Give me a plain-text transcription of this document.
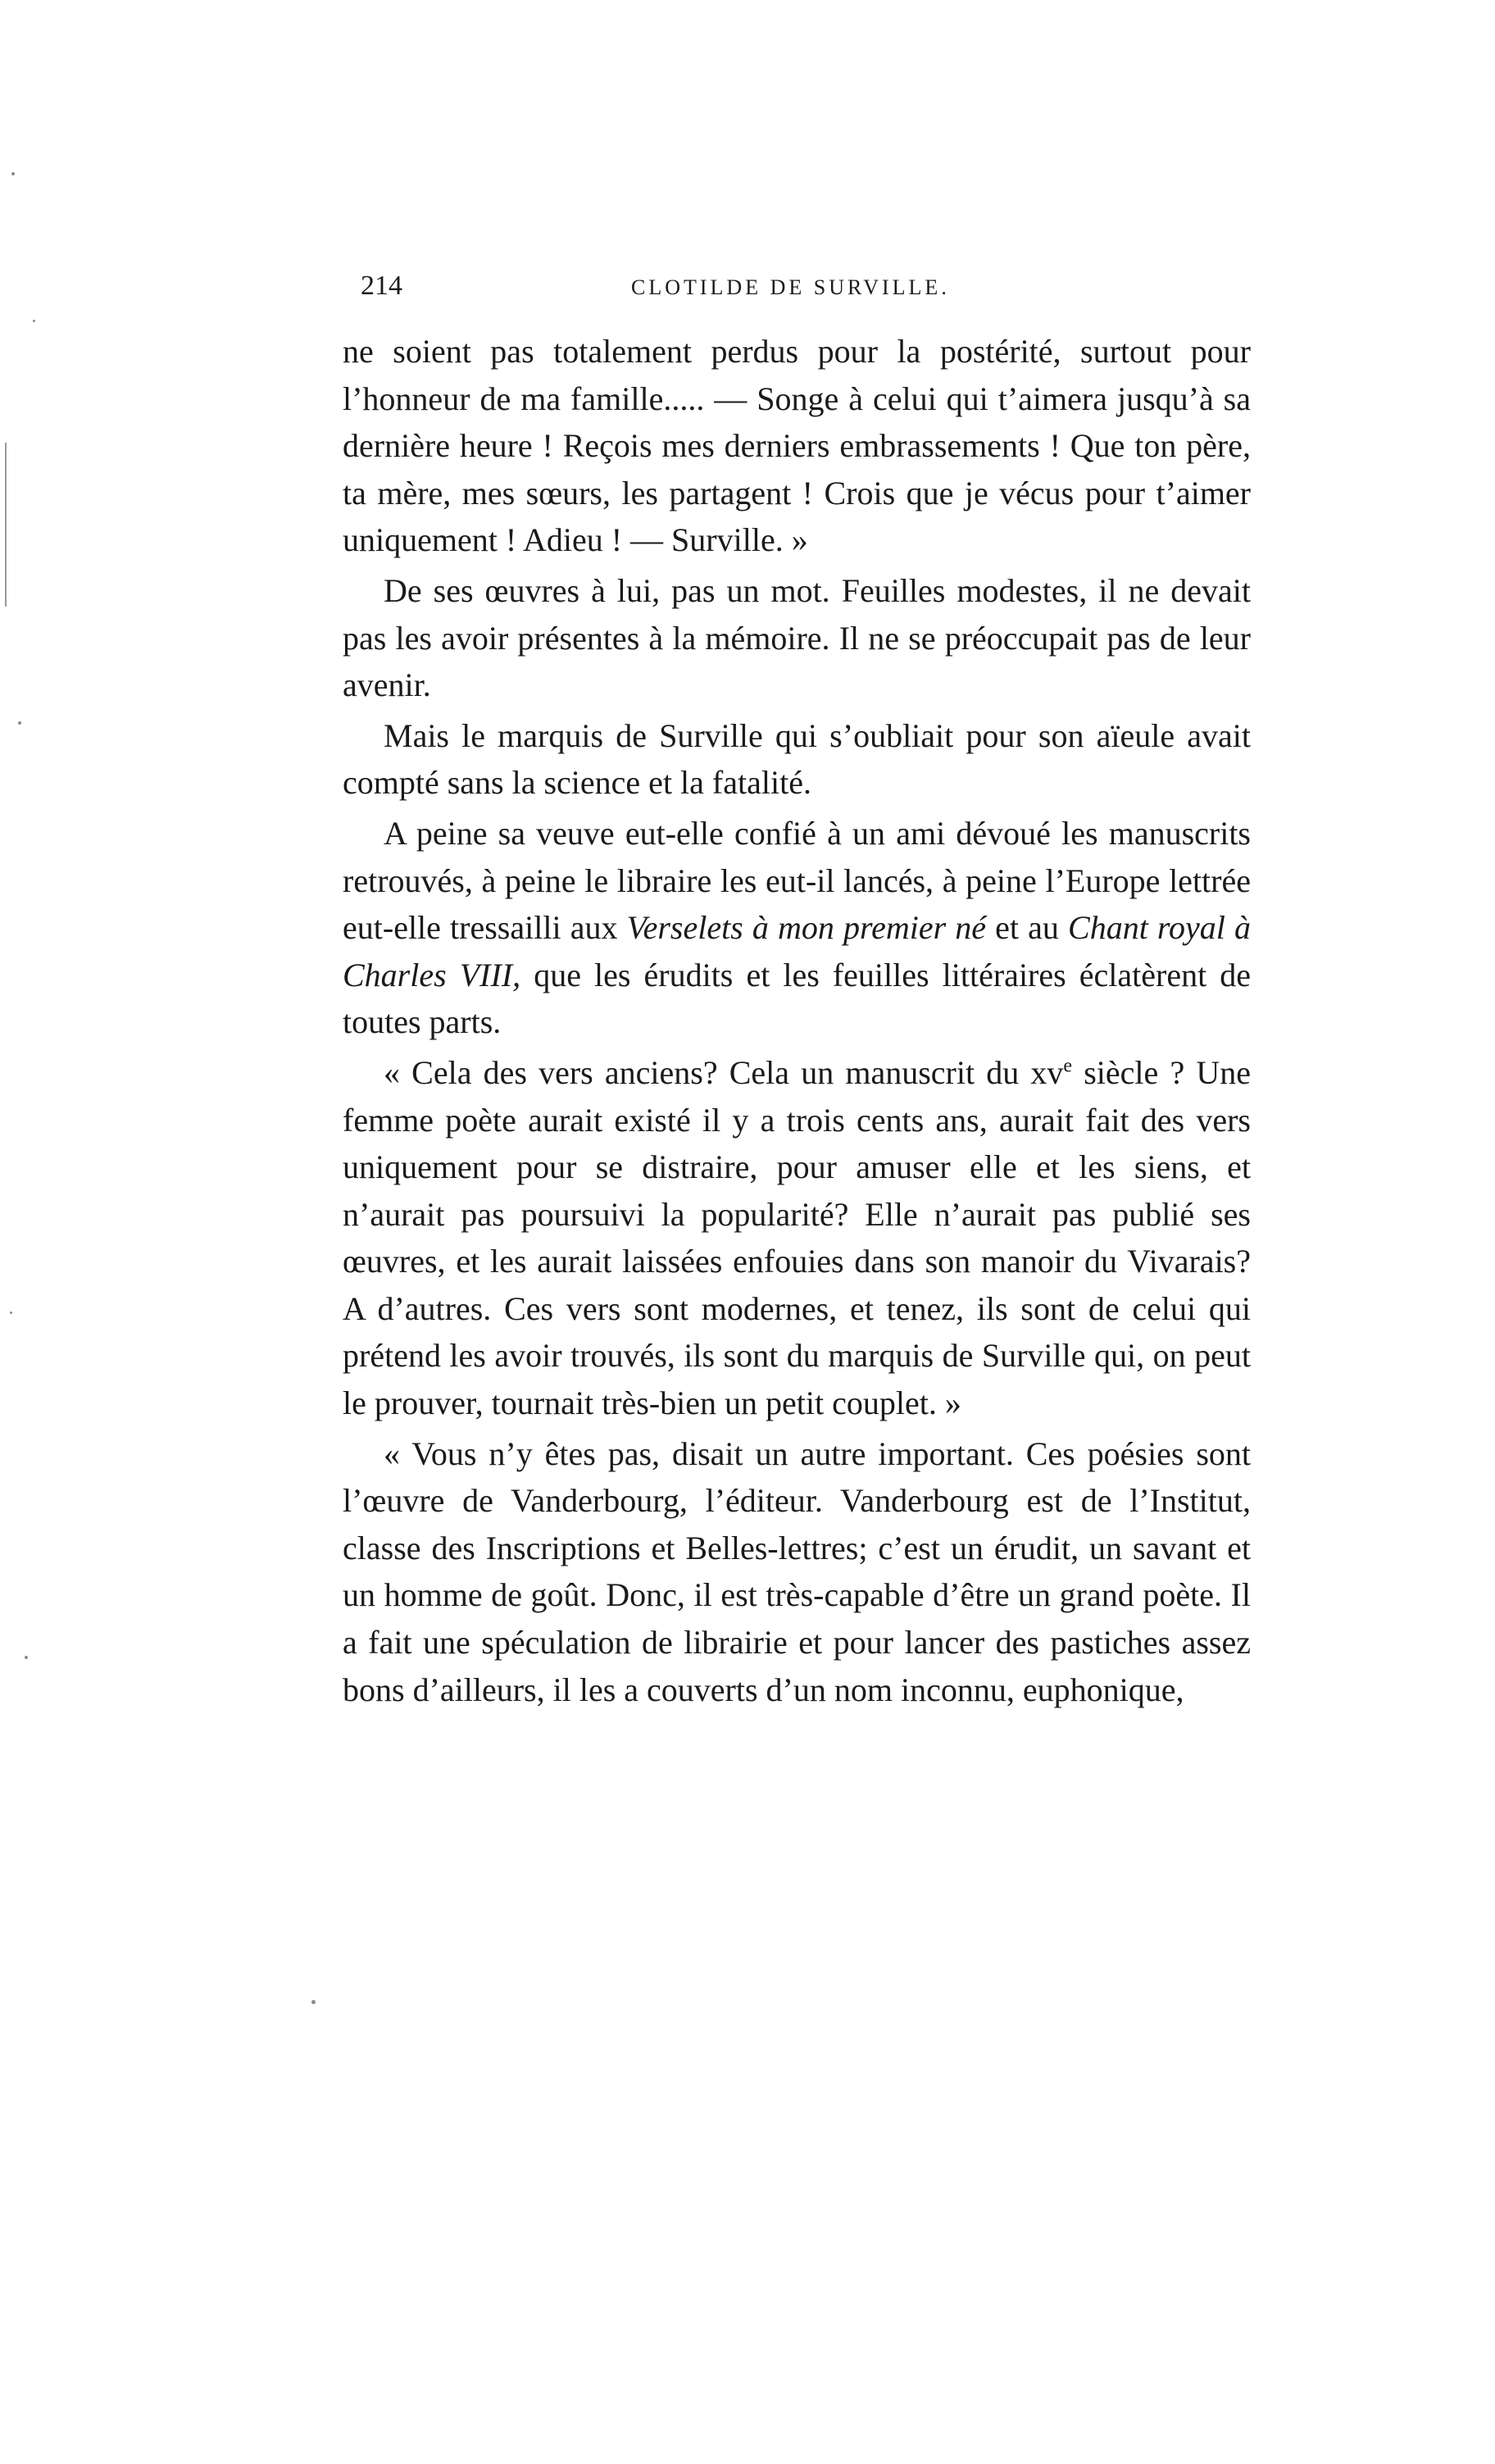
214	CLOTILDE DE SURVILLE.

ne soient pas totalement perdus pour la postérité, surtout pour l’honneur de ma famille..... — Songe à celui qui t’aimera jusqu’à sa dernière heure ! Reçois mes derniers embrassements ! Que ton père, ta mère, mes sœurs, les partagent ! Crois que je vécus pour t’aimer uniquement ! Adieu ! — Surville. »

De ses œuvres à lui, pas un mot. Feuilles modestes, il ne devait pas les avoir présentes à la mémoire. Il ne se préoccupait pas de leur avenir.

Mais le marquis de Surville qui s’oubliait pour son aïeule avait compté sans la science et la fatalité.

A peine sa veuve eut-elle confié à un ami dévoué les manuscrits retrouvés, à peine le libraire les eut-il lancés, à peine l’Europe lettrée eut-elle tressailli aux Verselets à mon premier né et au Chant royal à Charles VIII, que les érudits et les feuilles littéraires éclatèrent de toutes parts.

« Cela des vers anciens? Cela un manuscrit du $xv^e$ siècle ? Une femme poète aurait existé il y a trois cents ans, aurait fait des vers uniquement pour se distraire, pour amuser elle et les siens, et n’aurait pas poursuivi la popularité? Elle n’aurait pas publié ses œuvres, et les aurait laissées enfouies dans son manoir du Vivarais? A d’autres. Ces vers sont modernes, et tenez, ils sont de celui qui prétend les avoir trouvés, ils sont du marquis de Surville qui, on peut le prouver, tournait très-bien un petit couplet. »

« Vous n’y êtes pas, disait un autre important. Ces poésies sont l’œuvre de Vanderbourg, l’éditeur. Vanderbourg est de l’Institut, classe des Inscriptions et Belles-lettres; c’est un érudit, un savant et un homme de goût. Donc, il est très-capable d’être un grand poète. Il a fait une spéculation de librairie et pour lancer des pastiches assez bons d’ailleurs, il les a couverts d’un nom inconnu, euphonique,
